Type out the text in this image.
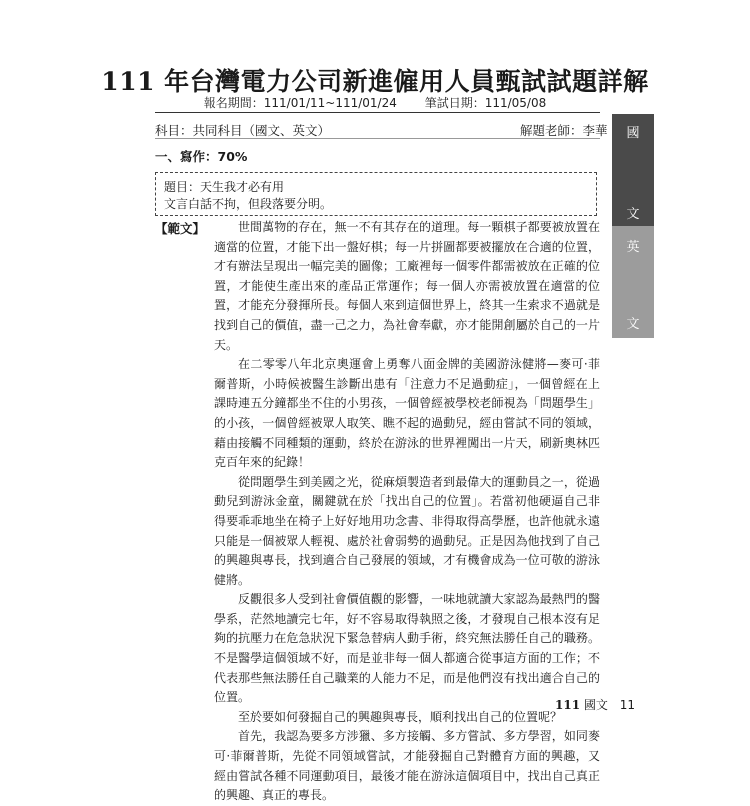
111 年台灣電力公司新進僱用人員甄試試題詳解
報名期間：111/01/11~111/01/24 筆試日期：111/05/08
科目：共同科目（國文、英文）	解題老師：李華
一、寫作：70%
題目：天生我才必有用
文言白話不拘，但段落要分明。
【範文】	世間萬物的存在，無一不有其存在的道理。每一顆棋子都要被放置在適當的位置，才能下出一盤好棋；每一片拼圖都要被擺放在合適的位置，才有辦法呈現出一幅完美的圖像；工廠裡每一個零件都需被放在正確的位置，才能使生產出來的產品正常運作；每一個人亦需被放置在適當的位置，才能充分發揮所長。每個人來到這個世界上，終其一生索求不過就是找到自己的價值，盡一己之力，為社會奉獻，亦才能開創屬於自己的一片天。

在二零零八年北京奧運會上勇奪八面金牌的美國游泳健將—麥可·菲爾普斯，小時候被醫生診斷出患有「注意力不足過動症」，一個曾經在上課時連五分鐘都坐不住的小男孩，一個曾經被學校老師視為「問題學生」的小孩，一個曾經被眾人取笑、瞧不起的過動兒，經由嘗試不同的領域，藉由接觸不同種類的運動，終於在游泳的世界裡闖出一片天，刷新奧林匹克百年來的紀錄！

從問題學生到美國之光，從麻煩製造者到最偉大的運動員之一，從過動兒到游泳金童，關鍵就在於「找出自己的位置」。若當初他硬逼自己非得要乖乖地坐在椅子上好好地用功念書、非得取得高學歷，也許他就永遠只能是一個被眾人輕視、處於社會弱勢的過動兒。正是因為他找到了自己的興趣與專長，找到適合自己發展的領域，才有機會成為一位可敬的游泳健將。

反觀很多人受到社會價值觀的影響，一味地就讀大家認為最熱門的醫學系，茫然地讀完七年，好不容易取得執照之後，才發現自己根本沒有足夠的抗壓力在危急狀況下緊急替病人動手術，終究無法勝任自己的職務。不是醫學這個領域不好，而是並非每一個人都適合從事這方面的工作；不代表那些無法勝任自己職業的人能力不足，而是他們沒有找出適合自己的位置。

至於要如何發掘自己的興趣與專長，順利找出自己的位置呢？

首先，我認為要多方涉獵、多方接觸、多方嘗試、多方學習，如同麥可·菲爾普斯，先從不同領域嘗試，才能發掘自己對體育方面的興趣，又經由嘗試各種不同運動項目，最後才能在游泳這個項目中，找出自己真正的興趣、真正的專長。

國
文
英
文
111 國文 11
